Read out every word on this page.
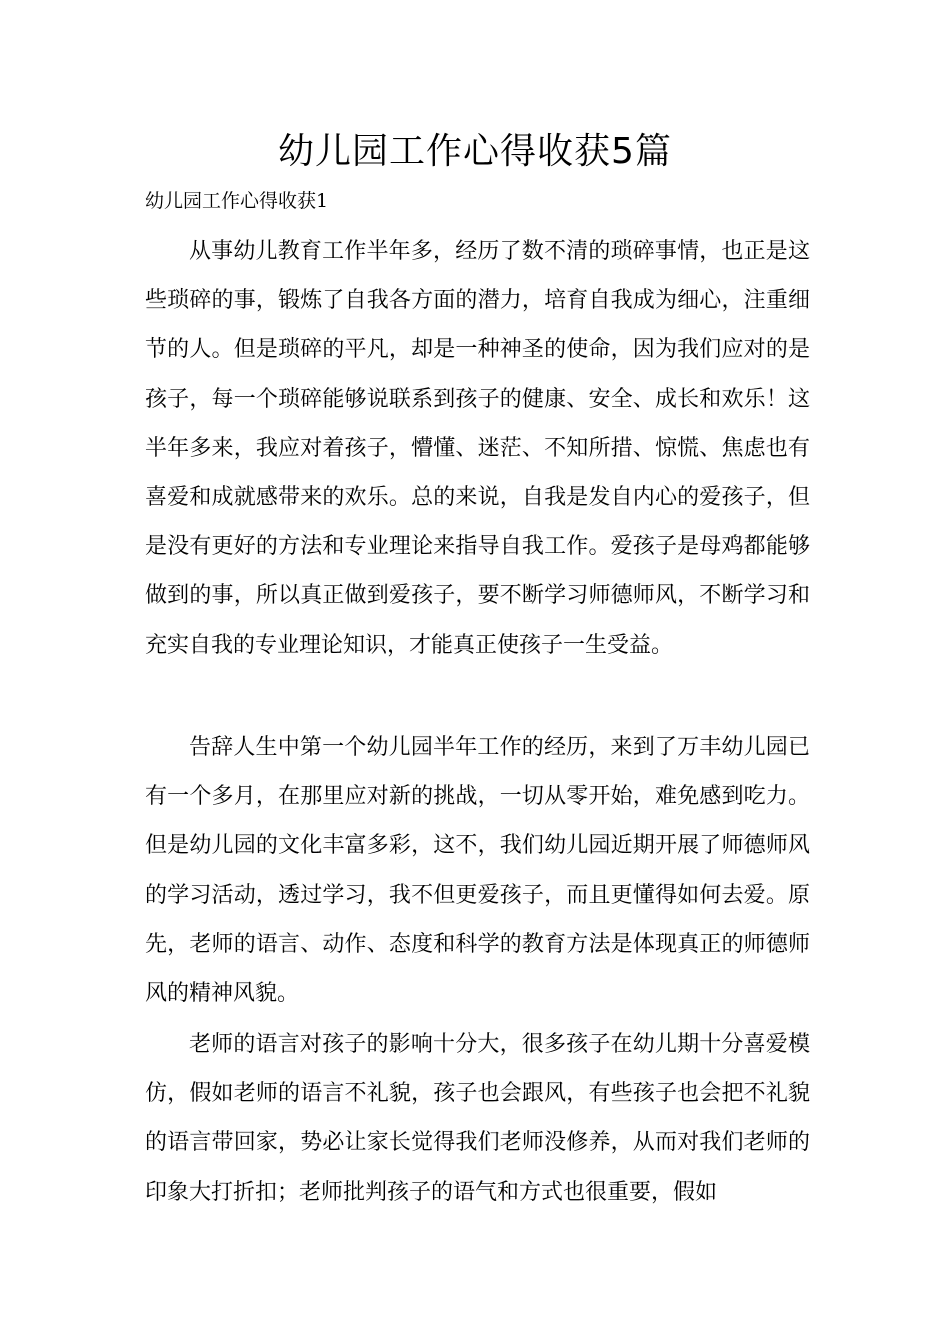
幼儿园工作心得收获5篇
幼儿园工作心得收获1

从事幼儿教育工作半年多，经历了数不清的琐碎事情，也正是这些琐碎的事，锻炼了自我各方面的潜力，培育自我成为细心，注重细节的人。但是琐碎的平凡，却是一种神圣的使命，因为我们应对的是孩子，每一个琐碎能够说联系到孩子的健康、安全、成长和欢乐！这半年多来，我应对着孩子，懵懂、迷茫、不知所措、惊慌、焦虑也有喜爱和成就感带来的欢乐。总的来说，自我是发自内心的爱孩子，但是没有更好的方法和专业理论来指导自我工作。爱孩子是母鸡都能够做到的事，所以真正做到爱孩子，要不断学习师德师风，不断学习和充实自我的专业理论知识，才能真正使孩子一生受益。

告辞人生中第一个幼儿园半年工作的经历，来到了万丰幼儿园已有一个多月，在那里应对新的挑战，一切从零开始，难免感到吃力。但是幼儿园的文化丰富多彩，这不，我们幼儿园近期开展了师德师风的学习活动，透过学习，我不但更爱孩子，而且更懂得如何去爱。原先，老师的语言、动作、态度和科学的教育方法是体现真正的师德师风的精神风貌。

老师的语言对孩子的影响十分大，很多孩子在幼儿期十分喜爱模仿，假如老师的语言不礼貌，孩子也会跟风，有些孩子也会把不礼貌的语言带回家，势必让家长觉得我们老师没修养，从而对我们老师的印象大打折扣；老师批判孩子的语气和方式也很重要，假如
